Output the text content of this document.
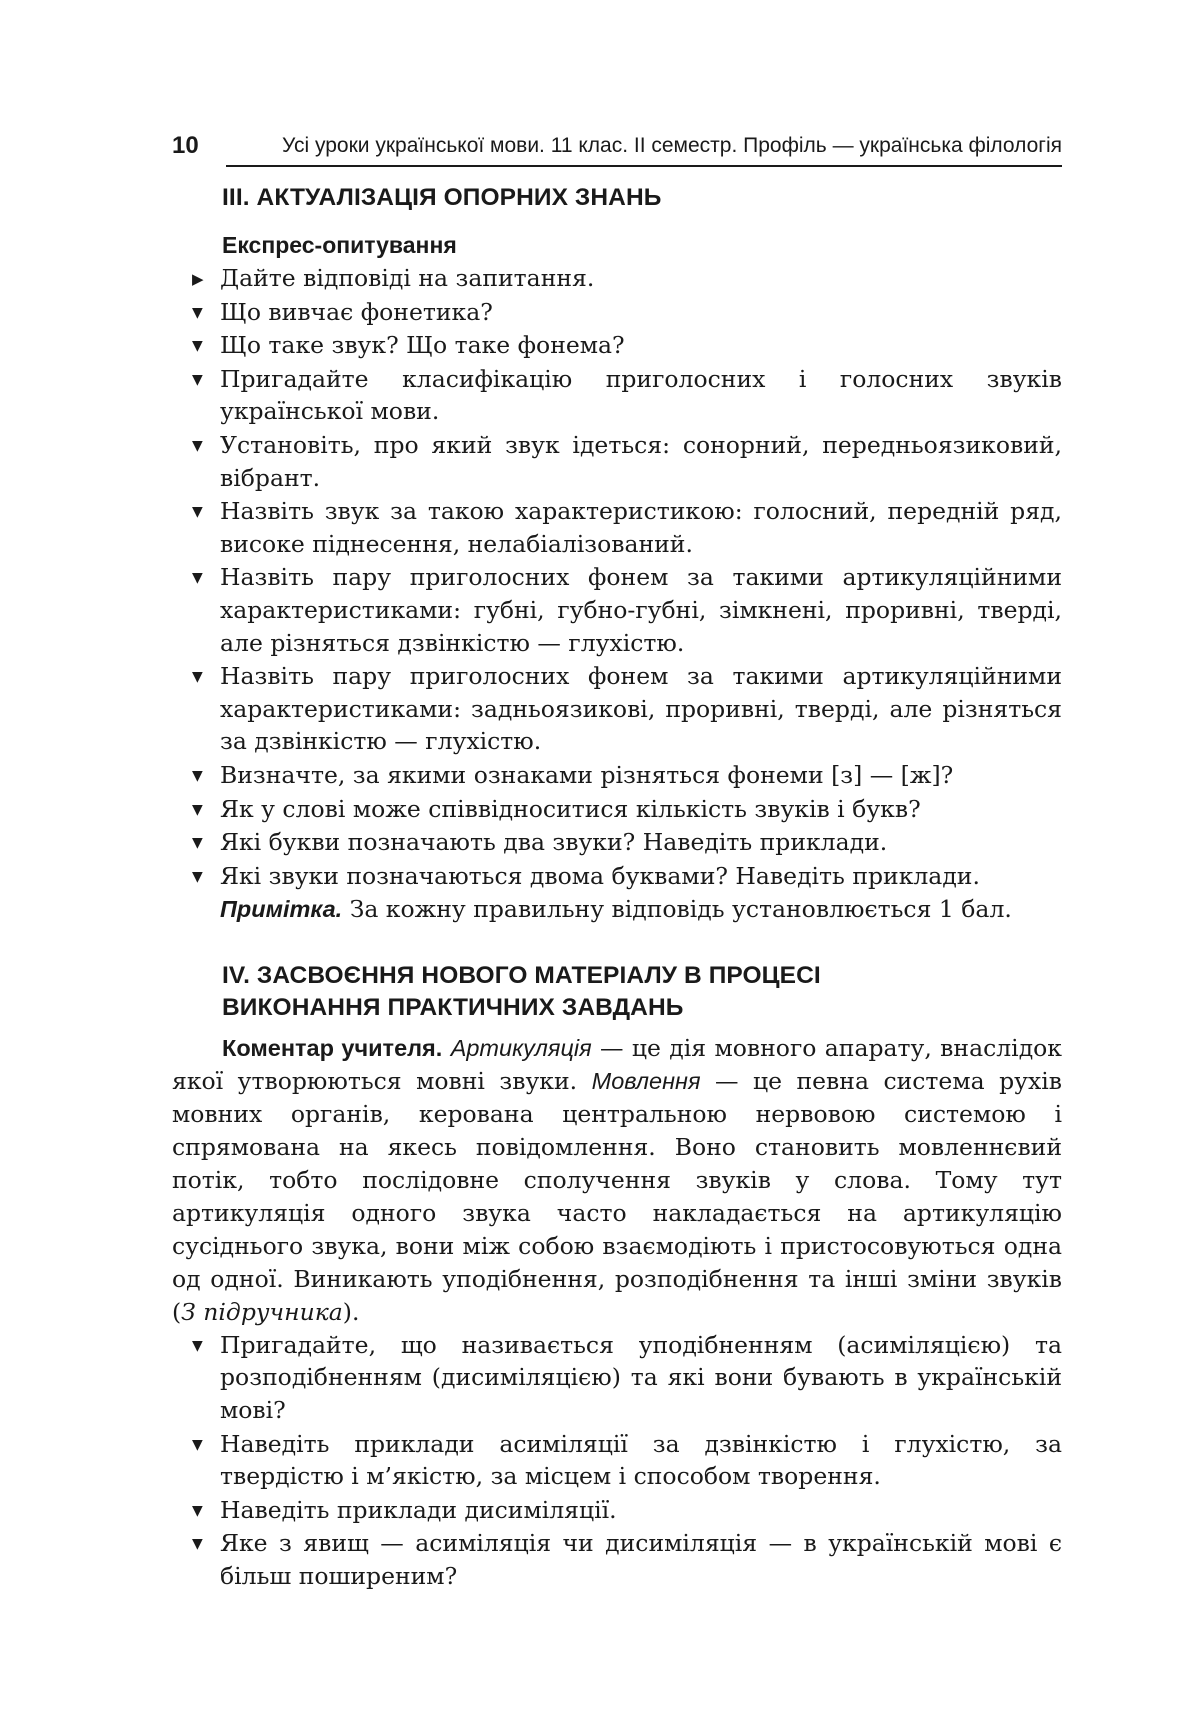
10	Усі уроки української мови. 11 клас. ІІ семестр. Профіль — українська філологія
ІІІ. АКТУАЛІЗАЦІЯ ОПОРНИХ ЗНАНЬ
Експрес-опитування
▶ Дайте відповіді на запитання.
▼ Що вивчає фонетика?
▼ Що таке звук? Що таке фонема?
▼ Пригадайте класифікацію приголосних і голосних звуків української мови.
▼ Установіть, про який звук ідеться: сонорний, передньоязиковий, вібрант.
▼ Назвіть звук за такою характеристикою: голосний, передній ряд, високе піднесення, нелабіалізований.
▼ Назвіть пару приголосних фонем за такими артикуляційними характеристиками: губні, губно-губні, зімкнені, проривні, тверді, але різняться дзвінкістю — глухістю.
▼ Назвіть пару приголосних фонем за такими артикуляційними характеристиками: задньоязикові, проривні, тверді, але різняться за дзвінкістю — глухістю.
▼ Визначте, за якими ознаками різняться фонеми [з] — [ж]?
▼ Як у слові може співвідноситися кількість звуків і букв?
▼ Які букви позначають два звуки? Наведіть приклади.
▼ Які звуки позначаються двома буквами? Наведіть приклади.
Примітка. За кожну правильну відповідь установлюється 1 бал.
IV. ЗАСВОЄННЯ НОВОГО МАТЕРІАЛУ В ПРОЦЕСІ
ВИКОНАННЯ ПРАКТИЧНИХ ЗАВДАНЬ
Коментар учителя. Артикуляція — це дія мовного апарату, внаслідок якої утворюються мовні звуки. Мовлення — це певна система рухів мовних органів, керована центральною нервовою системою і спрямована на якесь повідомлення. Воно становить мовленнєвий потік, тобто послідовне сполучення звуків у слова. Тому тут артикуляція одного звука часто накладається на артикуляцію сусіднього звука, вони між собою взаємодіють і пристосовуються одна од одної. Виникають уподібнення, розподібнення та інші зміни звуків (З підручника).
▼ Пригадайте, що називається уподібненням (асиміляцією) та розподібненням (дисиміляцією) та які вони бувають в українській мові?
▼ Наведіть приклади асиміляції за дзвінкістю і глухістю, за твердістю і м’якістю, за місцем і способом творення.
▼ Наведіть приклади дисиміляції.
▼ Яке з явищ — асиміляція чи дисиміляція — в українській мові є більш поширеним?
